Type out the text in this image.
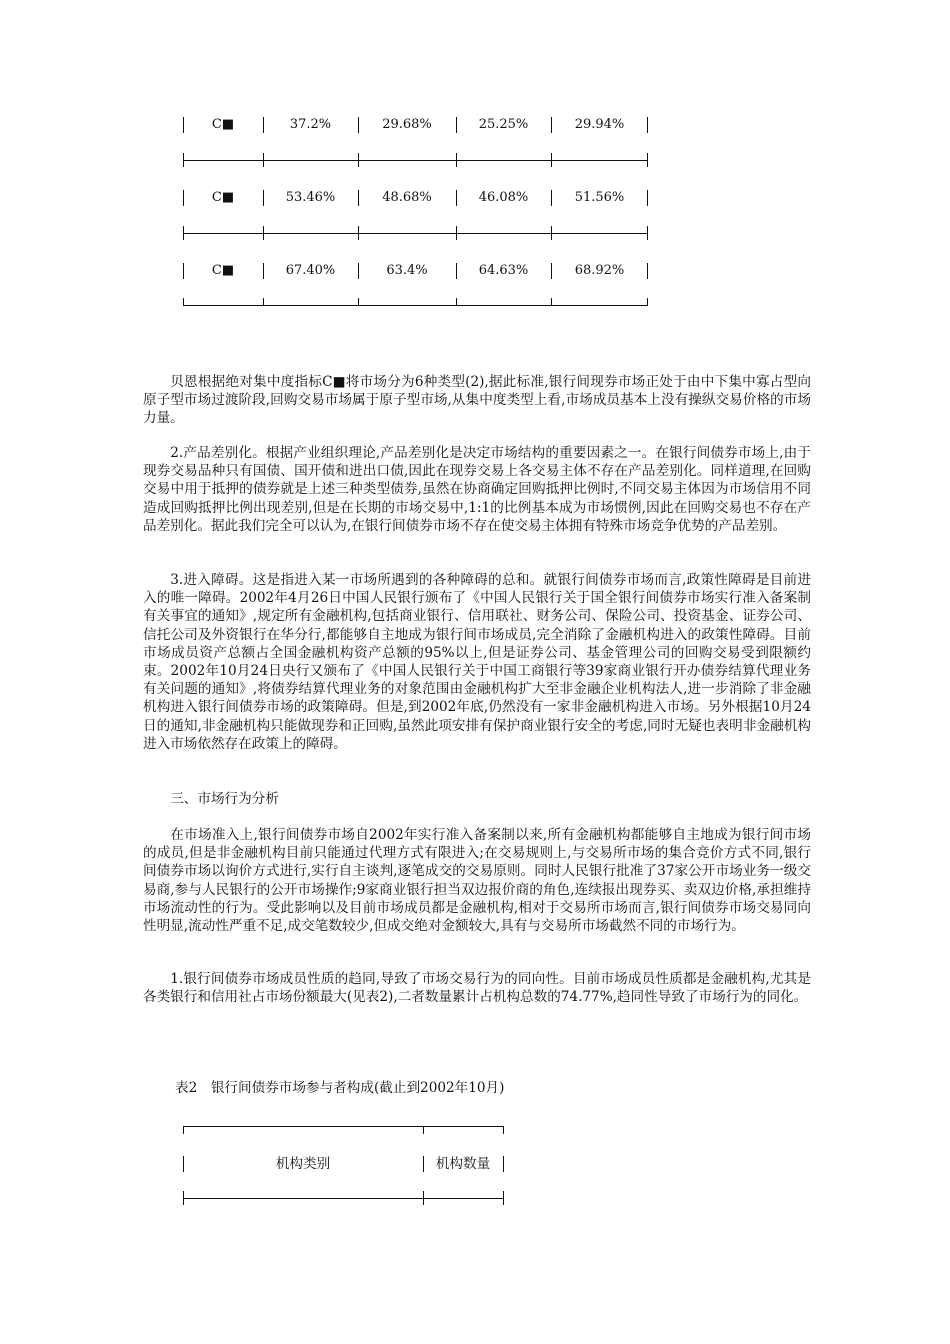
C■	37.2%	29.68%	25.25%	29.94%
C■	53.46%	48.68%	46.08%	51.56%
C■	67.40%	63.4%	64.63%	68.92%

贝恩根据绝对集中度指标C■将市场分为6种类型(2),据此标准,银行间现券市场正处于由中下集中寡占型向原子型市场过渡阶段,回购交易市场属于原子型市场,从集中度类型上看,市场成员基本上没有操纵交易价格的市场力量。

2.产品差别化。根据产业组织理论,产品差别化是决定市场结构的重要因素之一。在银行间债券市场上,由于现券交易品种只有国债、国开债和进出口债,因此在现券交易上各交易主体不存在产品差别化。同样道理,在回购交易中用于抵押的债券就是上述三种类型债券,虽然在协商确定回购抵押比例时,不同交易主体因为市场信用不同造成回购抵押比例出现差别,但是在长期的市场交易中,1:1的比例基本成为市场惯例,因此在回购交易也不存在产品差别化。据此我们完全可以认为,在银行间债券市场不存在使交易主体拥有特殊市场竞争优势的产品差别。

3.进入障碍。这是指进入某一市场所遇到的各种障碍的总和。就银行间债券市场而言,政策性障碍是目前进入的唯一障碍。2002年4月26日中国人民银行颁布了《中国人民银行关于国全银行间债券市场实行准入备案制有关事宜的通知》,规定所有金融机构,包括商业银行、信用联社、财务公司、保险公司、投资基金、证券公司、信托公司及外资银行在华分行,都能够自主地成为银行间市场成员,完全消除了金融机构进入的政策性障碍。目前市场成员资产总额占全国金融机构资产总额的95%以上,但是证券公司、基金管理公司的回购交易受到限额约束。2002年10月24日央行又颁布了《中国人民银行关于中国工商银行等39家商业银行开办债券结算代理业务有关问题的通知》,将债券结算代理业务的对象范围由金融机构扩大至非金融企业机构法人,进一步消除了非金融机构进入银行间债券市场的政策障碍。但是,到2002年底,仍然没有一家非金融机构进入市场。另外根据10月24日的通知,非金融机构只能做现券和正回购,虽然此项安排有保护商业银行安全的考虑,同时无疑也表明非金融机构进入市场依然存在政策上的障碍。

三、市场行为分析

在市场准入上,银行间债券市场自2002年实行准入备案制以来,所有金融机构都能够自主地成为银行间市场的成员,但是非金融机构目前只能通过代理方式有限进入;在交易规则上,与交易所市场的集合竞价方式不同,银行间债券市场以询价方式进行,实行自主谈判,逐笔成交的交易原则。同时人民银行批准了37家公开市场业务一级交易商,参与人民银行的公开市场操作;9家商业银行担当双边报价商的角色,连续报出现券买、卖双边价格,承担维持市场流动性的行为。受此影响以及目前市场成员都是金融机构,相对于交易所市场而言,银行间债券市场交易同向性明显,流动性严重不足,成交笔数较少,但成交绝对金额较大,具有与交易所市场截然不同的市场行为。

1.银行间债券市场成员性质的趋同,导致了市场交易行为的同向性。目前市场成员性质都是金融机构,尤其是各类银行和信用社占市场份额最大(见表2),二者数量累计占机构总数的74.77%,趋同性导致了市场行为的同化。

表2　银行间债券市场参与者构成(截止到2002年10月)

机构类别	机构数量
